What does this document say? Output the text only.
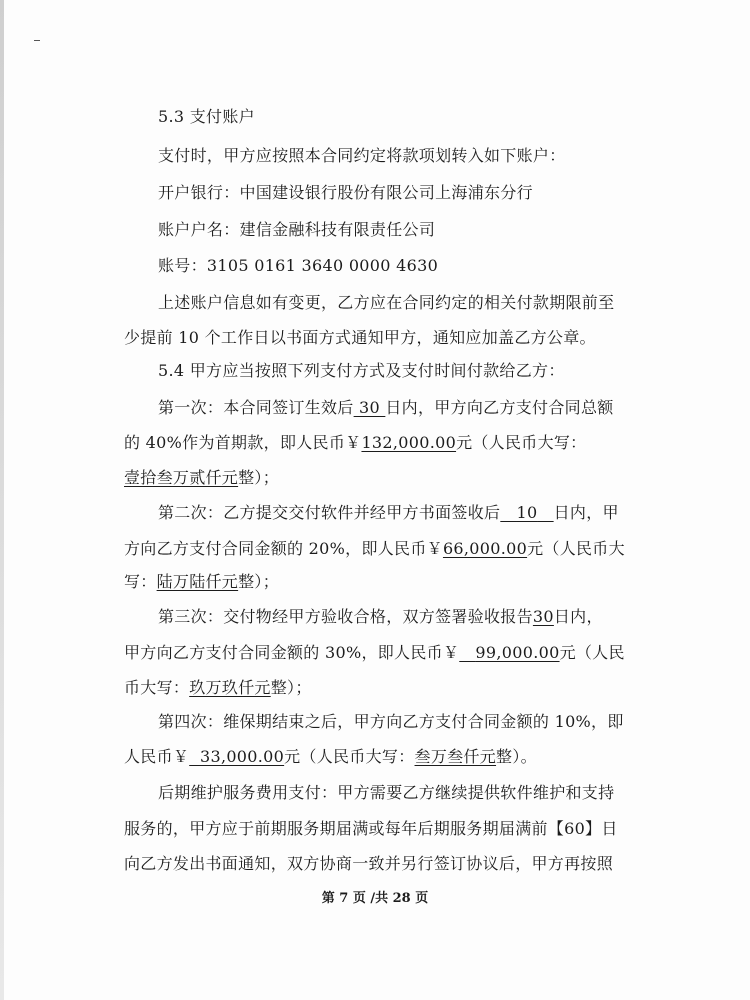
5.3 支付账户
支付时，甲方应按照本合同约定将款项划转入如下账户：
开户银行：中国建设银行股份有限公司上海浦东分行
账户户名：建信金融科技有限责任公司
账号：3105 0161 3640 0000 4630
上述账户信息如有变更，乙方应在合同约定的相关付款期限前至
少提前 10 个工作日以书面方式通知甲方，通知应加盖乙方公章。
5.4 甲方应当按照下列支付方式及支付时间付款给乙方：
第一次：本合同签订生效后 30 日内，甲方向乙方支付合同总额
的 40%作为首期款，即人民币￥132,000.00元（人民币大写：
壹拾叁万贰仟元整）；
第二次：乙方提交交付软件并经甲方书面签收后 10 日内，甲
方向乙方支付合同金额的 20%，即人民币￥66,000.00元（人民币大
写：陆万陆仟元整）；
第三次：交付物经甲方验收合格，双方签署验收报告30日内，
甲方向乙方支付合同金额的 30%，即人民币￥ 99,000.00元（人民
币大写：玖万玖仟元整）；
第四次：维保期结束之后，甲方向乙方支付合同金额的 10%，即
人民币￥ 33,000.00元（人民币大写：叁万叁仟元整）。
后期维护服务费用支付：甲方需要乙方继续提供软件维护和支持
服务的，甲方应于前期服务期届满或每年后期服务期届满前【60】日
向乙方发出书面通知，双方协商一致并另行签订协议后，甲方再按照
第 7 页 /共 28 页
